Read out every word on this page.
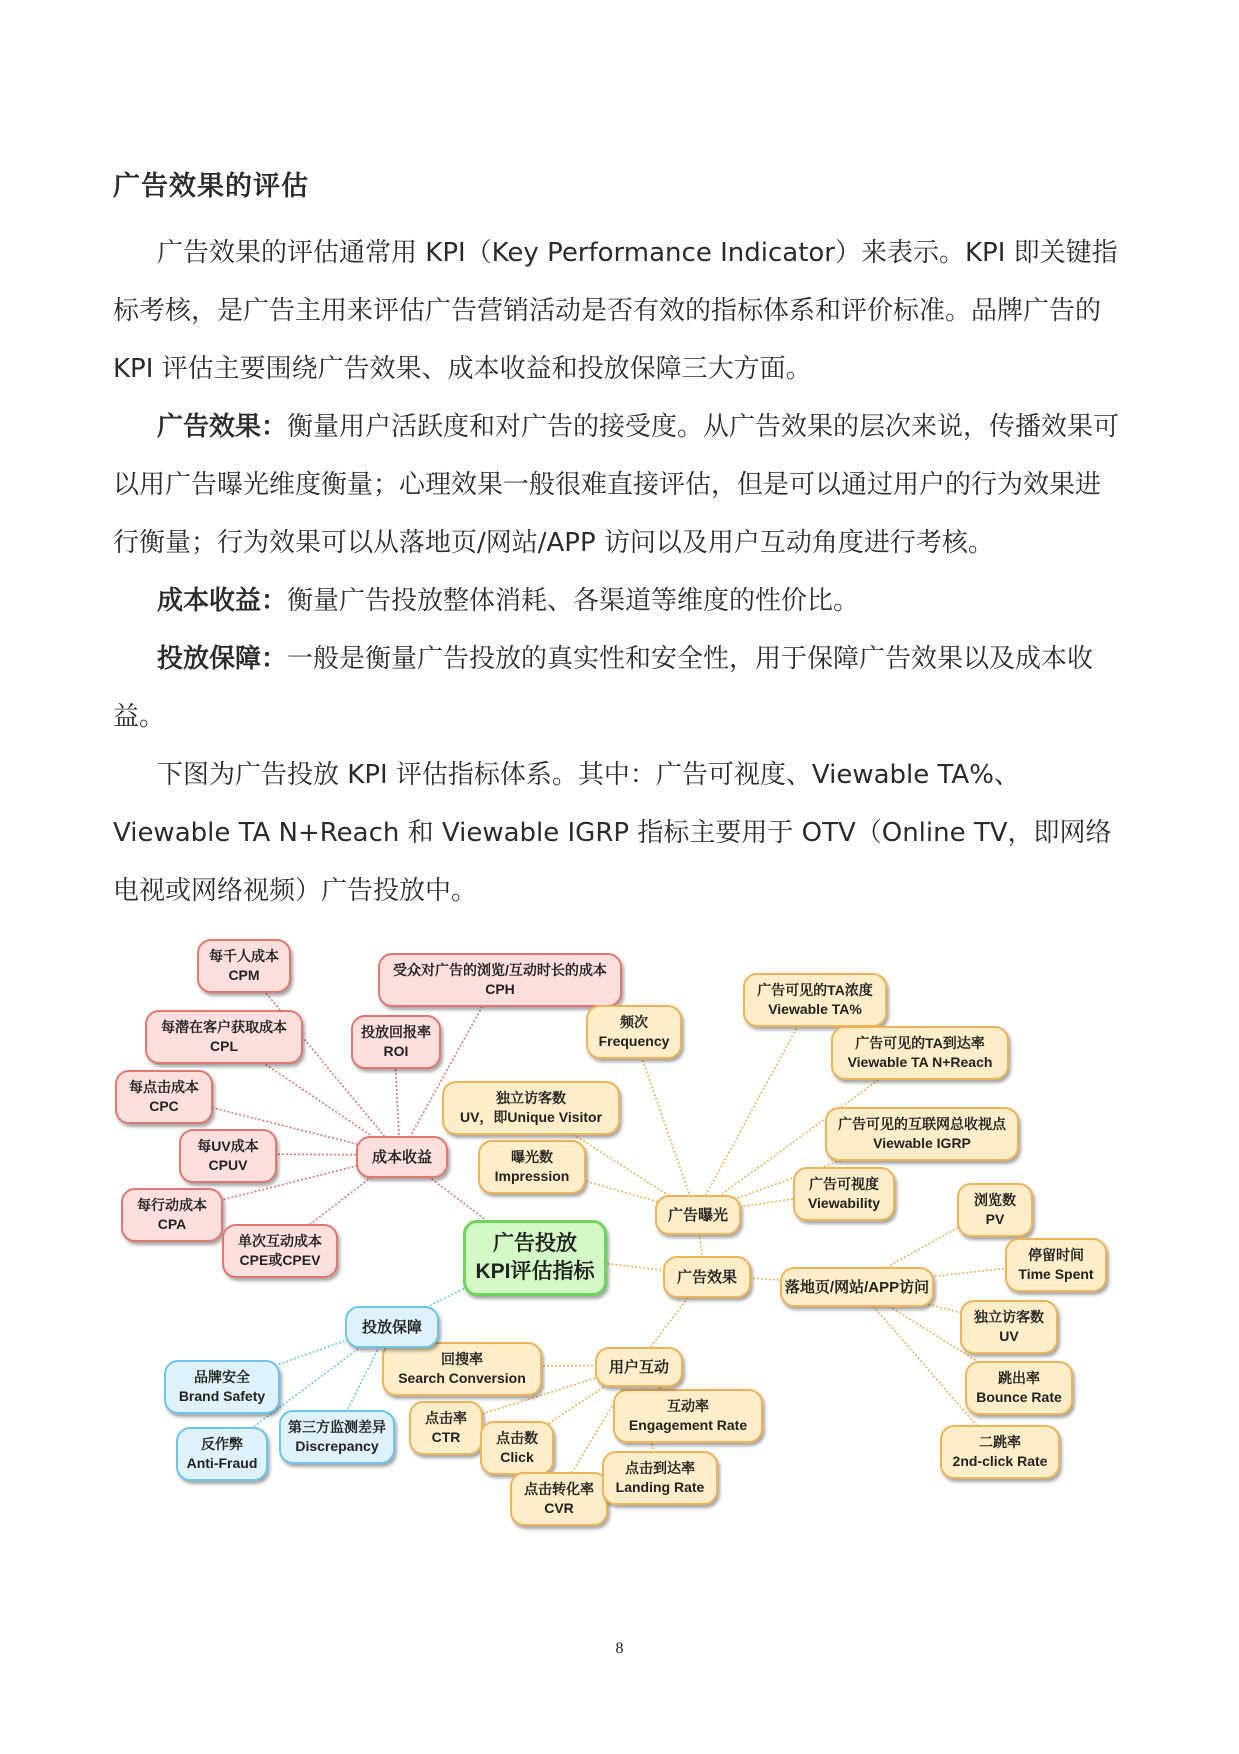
广告效果的评估

广告效果的评估通常用 KPI（Key Performance Indicator）来表示。KPI 即关键指标考核，是广告主用来评估广告营销活动是否有效的指标体系和评价标准。品牌广告的 KPI 评估主要围绕广告效果、成本收益和投放保障三大方面。

广告效果：衡量用户活跃度和对广告的接受度。从广告效果的层次来说，传播效果可以用广告曝光维度衡量；心理效果一般很难直接评估，但是可以通过用户的行为效果进行衡量；行为效果可以从落地页/网站/APP 访问以及用户互动角度进行考核。

成本收益：衡量广告投放整体消耗、各渠道等维度的性价比。

投放保障：一般是衡量广告投放的真实性和安全性，用于保障广告效果以及成本收益。

下图为广告投放 KPI 评估指标体系。其中：广告可视度、Viewable TA%、Viewable TA N+Reach 和 Viewable IGRP 指标主要用于 OTV（Online TV，即网络电视或网络视频）广告投放中。

每千人成本
CPM	受众对广告的浏览/互动时长的成本
CPH
每潜在客户获取成本
CPL
投放回报率
ROI
每点击成本
CPC
每UV成本
CPUV
每行动成本
CPA
单次互动成本
CPE或CPEV
频次
Frequency
广告可见的TA浓度
Viewable TA%
广告可见的TA到达率
Viewable TA N+Reach
独立访客数
UV，即Unique Visitor	广告可见的互联网总收视点
Viewable IGRP
曝光数
Impression	广告可视度
Viewability	浏览数
PV
停留时间
Time Spent
独立访客数
UV
跳出率
Bounce Rate
二跳率
2nd-click Rate
回搜率
Search Conversion
点击率
CTR	点击数
Click
互动率
Engagement Rate
点击转化率
CVR
点击到达率
Landing Rate
品牌安全
Brand Safety
反作弊
Anti-Fraud
第三方监测差异
Discrepancy
成本收益
广告曝光
广告效果
落地页/网站/APP访问
用户互动
投放保障
广告投放
KPI评估指标
8
